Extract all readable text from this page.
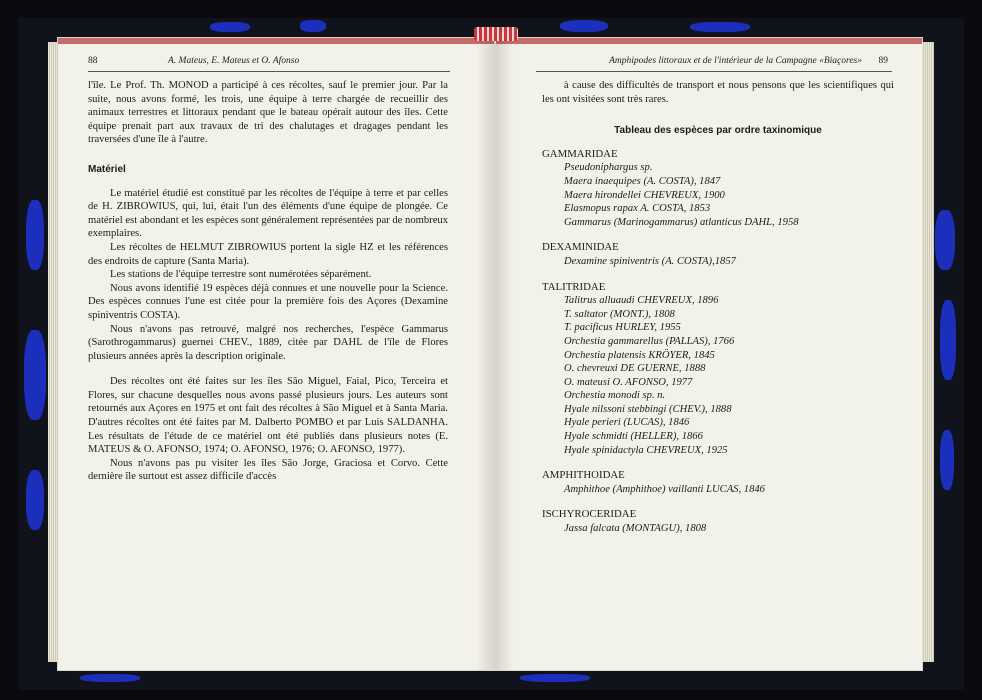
88	A. Mateus, E. Mateus et O. Afonso

l'île. Le Prof. Th. MONOD a participé à ces récoltes, sauf le premier jour. Par la suite, nous avons formé, les trois, une équipe à terre chargée de recueillir des animaux terrestres et littoraux pendant que le bateau opérait autour des îles. Cette équipe prenait part aux travaux de tri des chalutages et dragages pendant les traversées d'une île à l'autre.

Matériel

Le matériel étudié est constitué par les récoltes de l'équipe à terre et par celles de H. ZIBROWIUS, qui, lui, était l'un des éléments d'une équipe de plongée. Ce matériel est abondant et les espèces sont généralement représentées par de nombreux exemplaires.

Les récoltes de HELMUT ZIBROWIUS portent la sigle HZ et les références des endroits de capture (Santa Maria).

Les stations de l'équipe terrestre sont numérotées séparément.

Nous avons identifié 19 espèces déjà connues et une nouvelle pour la Science. Des espèces connues l'une est citée pour la première fois des Açores (Dexamine spiniventris COSTA).

Nous n'avons pas retrouvé, malgré nos recherches, l'espèce Gammarus (Sarothrogammarus) guernei CHEV., 1889, citée par DAHL de l'île de Flores plusieurs années après la description originale.

Des récoltes ont été faites sur les îles São Miguel, Faial, Pico, Terceira et Flores, sur chacune desquelles nous avons passé plusieurs jours. Les auteurs sont retournés aux Açores en 1975 et ont fait des récoltes à São Miguel et à Santa Maria. D'autres récoltes ont été faites par M. Dalberto POMBO et par Luis SALDANHA. Les résultats de l'étude de ce matériel ont été publiés dans plusieurs notes (E. MATEUS & O. AFONSO, 1974; O. AFONSO, 1976; O. AFONSO, 1977).

Nous n'avons pas pu visiter les îles São Jorge, Graciosa et Corvo. Cette dernière île surtout est assez difficile d'accès

Amphipodes littoraux et de l'intérieur de la Campagne «Biaçores» 89

à cause des difficultés de transport et nous pensons que les scientifiques qui les ont visitées sont très rares.

Tableau des espèces par ordre taxinomique

GAMMARIDAE

Pseudoniphargus sp.

Maera inaequipes (A. COSTA), 1847

Maera hirondellei CHEVREUX, 1900

Elasmopus rapax A. COSTA, 1853

Gammarus (Marinogammarus) atlanticus DAHL, 1958

DEXAMINIDAE

Dexamine spiniventris (A. COSTA),1857

TALITRIDAE

Talitrus alluaudi CHEVREUX, 1896

T. saltator (MONT.), 1808

T. pacificus HURLEY, 1955

Orchestia gammarellus (PALLAS), 1766

Orchestia platensis KRÖYER, 1845

O. chevreuxi DE GUERNE, 1888

O. mateusi O. AFONSO, 1977

Orchestia monodi sp. n.

Hyale nilssoni stebbingi (CHEV.), 1888

Hyale perieri (LUCAS), 1846

Hyale schmidti (HELLER), 1866

Hyale spinidactyla CHEVREUX, 1925

AMPHITHOIDAE

Amphithoe (Amphithoe) vaillanti LUCAS, 1846

ISCHYROCERIDAE

Jassa falcata (MONTAGU), 1808
